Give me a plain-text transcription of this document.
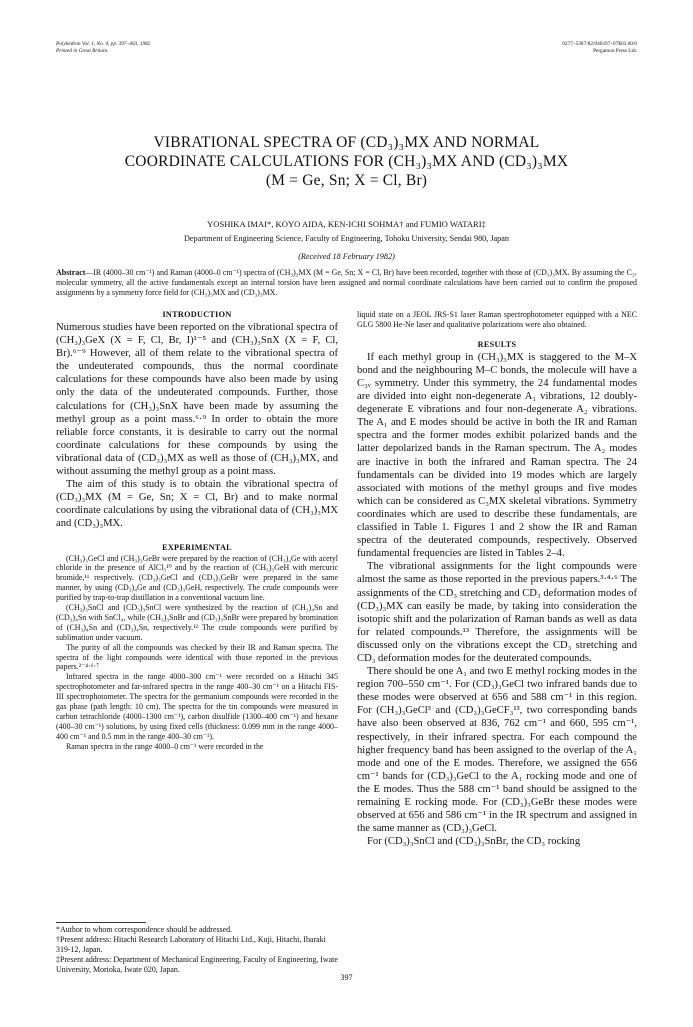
Polyhedron Vol. 1, No. 4, pp. 397–403, 1982
Printed in Great Britain.
0277–5387/82/040397–07$03.00/0
Pergamon Press Ltd.
VIBRATIONAL SPECTRA OF (CD₃)₃MX AND NORMAL
COORDINATE CALCULATIONS FOR (CH₃)₃MX AND (CD₃)₃MX
(M = Ge, Sn; X = Cl, Br)
YOSHIKA IMAI*, KOYO AIDA, KEN-ICHI SOHMA† and FUMIO WATARI‡
Department of Engineering Science, Faculty of Engineering, Tohoku University, Sendai 980, Japan
(Received 18 February 1982)
Abstract—IR (4000–30 cm⁻¹) and Raman (4000–0 cm⁻¹) spectra of (CH₃)₃MX (M = Ge, Sn; X = Cl, Br) have been recorded, together with those of (CD₃)₃MX. By assuming the C₃ᵥ molecular symmetry, all the active fundamentals except an internal torsion have been assigned and normal coordinate calculations have been carried out to confirm the proposed assignments by a symmetry force field for (CH₃)₃MX and (CD₃)₃MX.
INTRODUCTION

Numerous studies have been reported on the vibrational spectra of (CH₃)₃GeX (X = F, Cl, Br, I)¹⁻⁵ and (CH₃)₃SnX (X = F, Cl, Br).⁶⁻⁹ However, all of them relate to the vibrational spectra of the undeuterated compounds, thus the normal coordinate calculations for these compounds have also been made by using only the data of the undeuterated compounds. Further, those calculations for (CH₃)₃SnX have been made by assuming the methyl group as a point mass.⁶·⁹ In order to obtain the more reliable force constants, it is desirable to carry out the normal coordinate calculations for these compounds by using the vibrational data of (CD₃)₃MX as well as those of (CH₃)₃MX, and without assuming the methyl group as a point mass.

The aim of this study is to obtain the vibrational spectra of (CD₃)₃MX (M = Ge, Sn; X = Cl, Br) and to make normal coordinate calculations by using the vibrational data of (CH₃)₃MX and (CD₃)₃MX.

EXPERIMENTAL

(CH₃)₃GeCl and (CH₃)₃GeBr were prepared by the reaction of (CH₃)₄Ge with acetyl chloride in the presence of AlCl₃¹⁰ and by the reaction of (CH₃)₃GeH with mercuric bromide,¹¹ respectively. (CD₃)₃GeCl and (CD₃)₃GeBr were prepared in the same manner, by using (CD₃)₄Ge and (CD₃)₃GeH, respectively. The crude compounds were purified by trap-to-trap distillation in a conventional vacuum line.

(CH₃)₃SnCl and (CD₃)₃SnCl were synthesized by the reaction of (CH₃)₄Sn and (CD₃)₄Sn with SnCl₄, while (CH₃)₃SnBr and (CD₃)₃SnBr were prepared by bromination of (CH₃)₄Sn and (CD₃)₄Sn, respectively.¹² The crude compounds were purified by sublimation under vacuum.

The purity of all the compounds was checked by their IR and Raman spectra. The spectra of the light compounds were identical with those reported in the previous papers.²⁻⁴·⁶·⁷

Infrared spectra in the range 4000–300 cm⁻¹ were recorded on a Hitachi 345 spectrophotometer and far-infrared spectra in the range 400–30 cm⁻¹ on a Hitachi FIS-III spectrophotometer. The spectra for the germanium compounds were recorded in the gas phase (path length: 10 cm). The spectra for the tin compounds were measured in carbon tetrachloride (4000–1300 cm⁻¹), carbon disulfide (1300–400 cm⁻¹) and hexane (400–30 cm⁻¹) solutions, by using fixed cells (thickness: 0.099 mm in the range 4000–400 cm⁻¹ and 0.5 mm in the range 400–30 cm⁻¹).

Raman spectra in the range 4000–0 cm⁻¹ were recorded in the

liquid state on a JEOL JRS-S1 laser Raman spectrophotometer equipped with a NEC GLG 5800 He-Ne laser and qualitative polarizations were also obtained.

RESULTS

If each methyl group in (CH₃)₃MX is staggered to the M–X bond and the neighbouring M–C bonds, the molecule will have a C₃ᵥ symmetry. Under this symmetry, the 24 fundamental modes are divided into eight non-degenerate A₁ vibrations, 12 doubly-degenerate E vibrations and four non-degenerate A₂ vibrations. The A₁ and E modes should be active in both the IR and Raman spectra and the former modes exhibit polarized bands and the latter depolarized bands in the Raman spectrum. The A₂ modes are inactive in both the infrared and Raman spectra. The 24 fundamentals can be divided into 19 modes which are largely associated with motions of the methyl groups and five modes which can be considered as C₃MX skeletal vibrations. Symmetry coordinates which are used to describe these fundamentals, are classified in Table 1. Figures 1 and 2 show the IR and Raman spectra of the deuterated compounds, respectively. Observed fundamental frequencies are listed in Tables 2–4.

The vibrational assignments for the light compounds were almost the same as those reported in the previous papers.³·⁴·⁶ The assignments of the CD₃ stretching and CD₃ deformation modes of (CD₃)₃MX can easily be made, by taking into consideration the isotopic shift and the polarization of Raman bands as well as data for related compounds.¹³ Therefore, the assignments will be discussed only on the vibrations except the CD₃ stretching and CD₃ deformation modes for the deuterated compounds.

There should be one A₁ and two E methyl rocking modes in the region 700–550 cm⁻¹. For (CD₃)₃GeCl two infrared bands due to these modes were observed at 656 and 588 cm⁻¹ in this region. For (CH₃)₃GeCl³ and (CD₃)₃GeCF₃¹³, two corresponding bands have also been observed at 836, 762 cm⁻¹ and 660, 595 cm⁻¹, respectively, in their infrared spectra. For each compound the higher frequency band has been assigned to the overlap of the A₁ mode and one of the E modes. Therefore, we assigned the 656 cm⁻¹ bands for (CD₃)₃GeCl to the A₁ rocking mode and one of the E modes. Thus the 588 cm⁻¹ band should be assigned to the remaining E rocking mode. For (CD₃)₃GeBr these modes were observed at 656 and 586 cm⁻¹ in the IR spectrum and assigned in the same manner as (CD₃)₃GeCl.

For (CD₃)₃SnCl and (CD₃)₃SnBr, the CD₃ rocking

*Author to whom correspondence should be addressed.

†Present address: Hitachi Research Laboratory of Hitachi Ltd., Kuji, Hitachi, Ibaraki 319-12, Japan.

‡Present address: Department of Mechanical Engineering, Faculty of Engineering, Iwate University, Morioka, Iwate 020, Japan.

397
